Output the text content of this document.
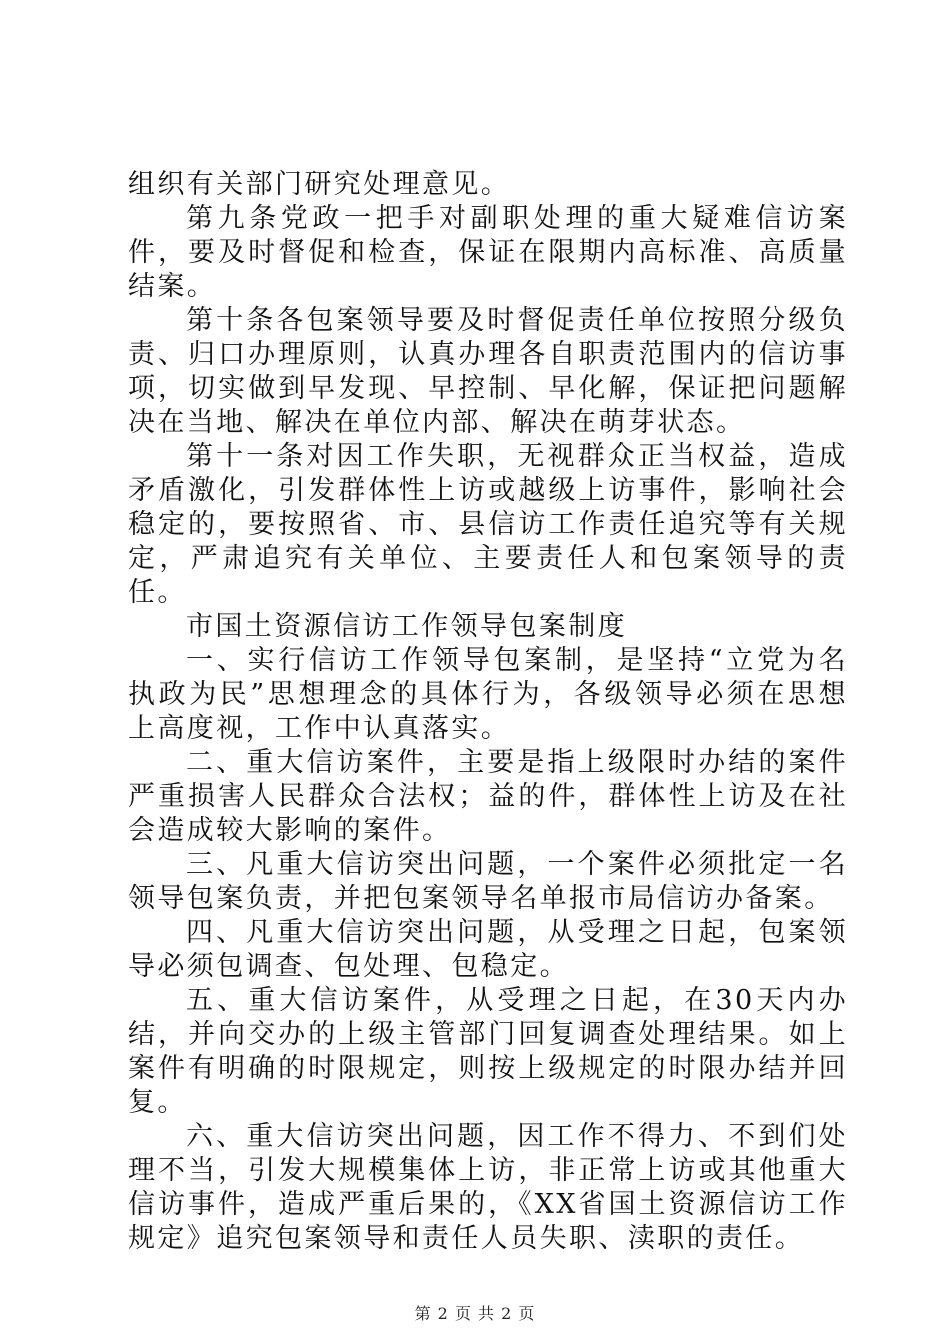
组织有关部门研究处理意见。

第九条党政一把手对副职处理的重大疑难信访案件，要及时督促和检查，保证在限期内高标准、高质量结案。

第十条各包案领导要及时督促责任单位按照分级负责、归口办理原则，认真办理各自职责范围内的信访事项，切实做到早发现、早控制、早化解，保证把问题解决在当地、解决在单位内部、解决在萌芽状态。

第十一条对因工作失职，无视群众正当权益，造成矛盾激化，引发群体性上访或越级上访事件，影响社会稳定的，要按照省、市、县信访工作责任追究等有关规定，严肃追究有关单位、主要责任人和包案领导的责任。

市国土资源信访工作领导包案制度

一、实行信访工作领导包案制，是坚持“立党为名执政为民”思想理念的具体行为，各级领导必须在思想上高度视，工作中认真落实。

二、重大信访案件，主要是指上级限时办结的案件严重损害人民群众合法权；益的件，群体性上访及在社会造成较大影响的案件。

三、凡重大信访突出问题，一个案件必须批定一名领导包案负责，并把包案领导名单报市局信访办备案。

四、凡重大信访突出问题，从受理之日起，包案领导必须包调查、包处理、包稳定。

五、重大信访案件，从受理之日起，在30天内办结，并向交办的上级主管部门回复调查处理结果。如上案件有明确的时限规定，则按上级规定的时限办结并回复。

六、重大信访突出问题，因工作不得力、不到们处理不当，引发大规模集体上访，非正常上访或其他重大信访事件，造成严重后果的，《XX省国土资源信访工作规定》追究包案领导和责任人员失职、渎职的责任。

第 2 页 共 2 页
